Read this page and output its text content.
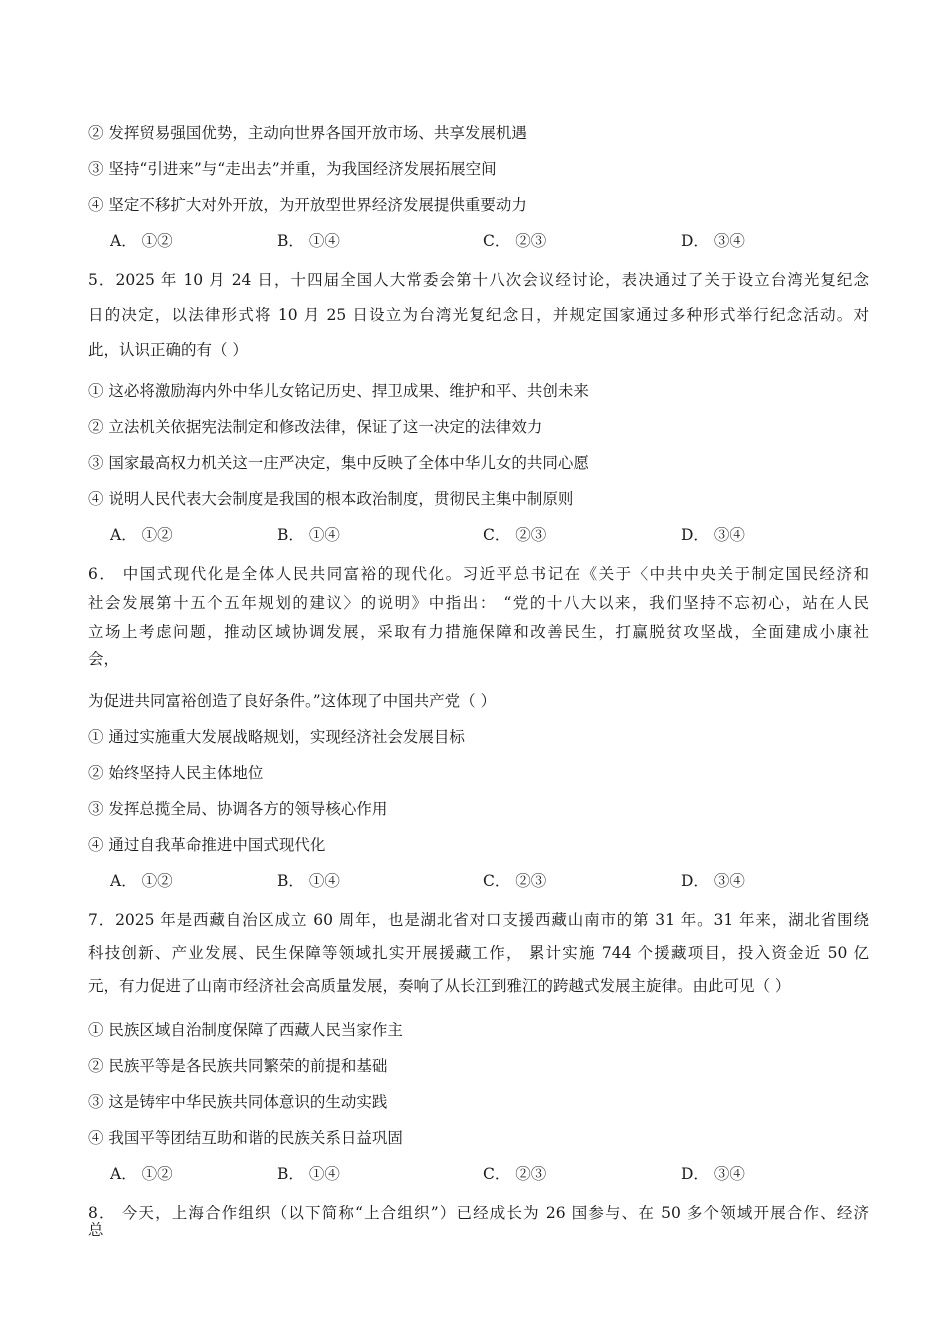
② 发挥贸易强国优势，主动向世界各国开放市场、共享发展机遇
③ 坚持“引进来”与“走出去”并重，为我国经济发展拓展空间
④ 坚定不移扩大对外开放，为开放型世界经济发展提供重要动力
A． ①②	B． ①④	C． ②③	D． ③④
5．2025 年 10 月 24 日，十四届全国人大常委会第十八次会议经讨论，表决通过了关于设立台湾光复纪念
日的决定，以法律形式将 10 月 25 日设立为台湾光复纪念日，并规定国家通过多种形式举行纪念活动。对
此，认识正确的有（ ）
① 这必将激励海内外中华儿女铭记历史、捍卫成果、维护和平、共创未来
② 立法机关依据宪法制定和修改法律，保证了这一决定的法律效力
③ 国家最高权力机关这一庄严决定，集中反映了全体中华儿女的共同心愿
④ 说明人民代表大会制度是我国的根本政治制度，贯彻民主集中制原则
A． ①②	B． ①④	C． ②③	D． ③④
6． 中国式现代化是全体人民共同富裕的现代化。习近平总书记在《关于〈中共中央关于制定国民经济和
社会发展第十五个五年规划的建议〉的说明》中指出： “党的十八大以来，我们坚持不忘初心，站在人民
立场上考虑问题，推动区域协调发展，采取有力措施保障和改善民生，打赢脱贫攻坚战，全面建成小康社
会，
为促进共同富裕创造了良好条件。”这体现了中国共产党（ ）
① 通过实施重大发展战略规划，实现经济社会发展目标
② 始终坚持人民主体地位
③ 发挥总揽全局、协调各方的领导核心作用
④ 通过自我革命推进中国式现代化
A． ①②	B． ①④	C． ②③	D． ③④
7．2025 年是西藏自治区成立 60 周年，也是湖北省对口支援西藏山南市的第 31 年。31 年来，湖北省围绕
科技创新、产业发展、民生保障等领域扎实开展援藏工作， 累计实施 744 个援藏项目，投入资金近 50 亿
元，有力促进了山南市经济社会高质量发展，奏响了从长江到雅江的跨越式发展主旋律。由此可见（ ）
① 民族区域自治制度保障了西藏人民当家作主
② 民族平等是各民族共同繁荣的前提和基础
③ 这是铸牢中华民族共同体意识的生动实践
④ 我国平等团结互助和谐的民族关系日益巩固
A． ①②	B． ①④	C． ②③	D． ③④
8． 今天，上海合作组织（以下简称“上合组织”）已经成长为 26 国参与、在 50 多个领域开展合作、经济
总
